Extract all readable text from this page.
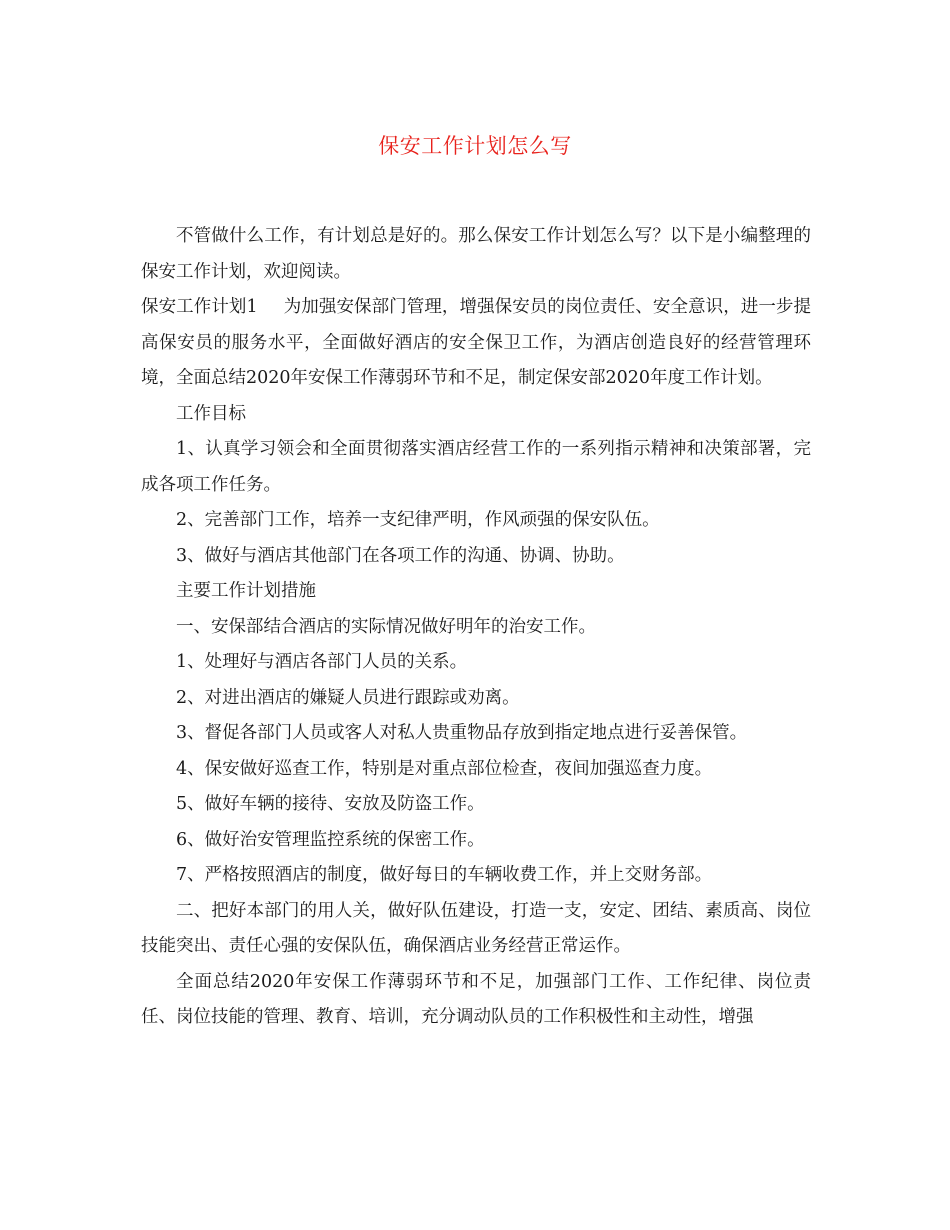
保安工作计划怎么写

不管做什么工作，有计划总是好的。那么保安工作计划怎么写？以下是小编整理的保安工作计划，欢迎阅读。

保安工作计划1 为加强安保部门管理，增强保安员的岗位责任、安全意识，进一步提高保安员的服务水平，全面做好酒店的安全保卫工作，为酒店创造良好的经营管理环境，全面总结2020年安保工作薄弱环节和不足，制定保安部2020年度工作计划。

工作目标

1、认真学习领会和全面贯彻落实酒店经营工作的一系列指示精神和决策部署，完成各项工作任务。

2、完善部门工作，培养一支纪律严明，作风顽强的保安队伍。

3、做好与酒店其他部门在各项工作的沟通、协调、协助。

主要工作计划措施

一、安保部结合酒店的实际情况做好明年的治安工作。

1、处理好与酒店各部门人员的关系。

2、对进出酒店的嫌疑人员进行跟踪或劝离。

3、督促各部门人员或客人对私人贵重物品存放到指定地点进行妥善保管。

4、保安做好巡查工作，特别是对重点部位检查，夜间加强巡查力度。

5、做好车辆的接待、安放及防盗工作。

6、做好治安管理监控系统的保密工作。

7、严格按照酒店的制度，做好每日的车辆收费工作，并上交财务部。

二、把好本部门的用人关，做好队伍建设，打造一支，安定、团结、素质高、岗位技能突出、责任心强的安保队伍，确保酒店业务经营正常运作。

全面总结2020年安保工作薄弱环节和不足，加强部门工作、工作纪律、岗位责任、岗位技能的管理、教育、培训，充分调动队员的工作积极性和主动性，增强
